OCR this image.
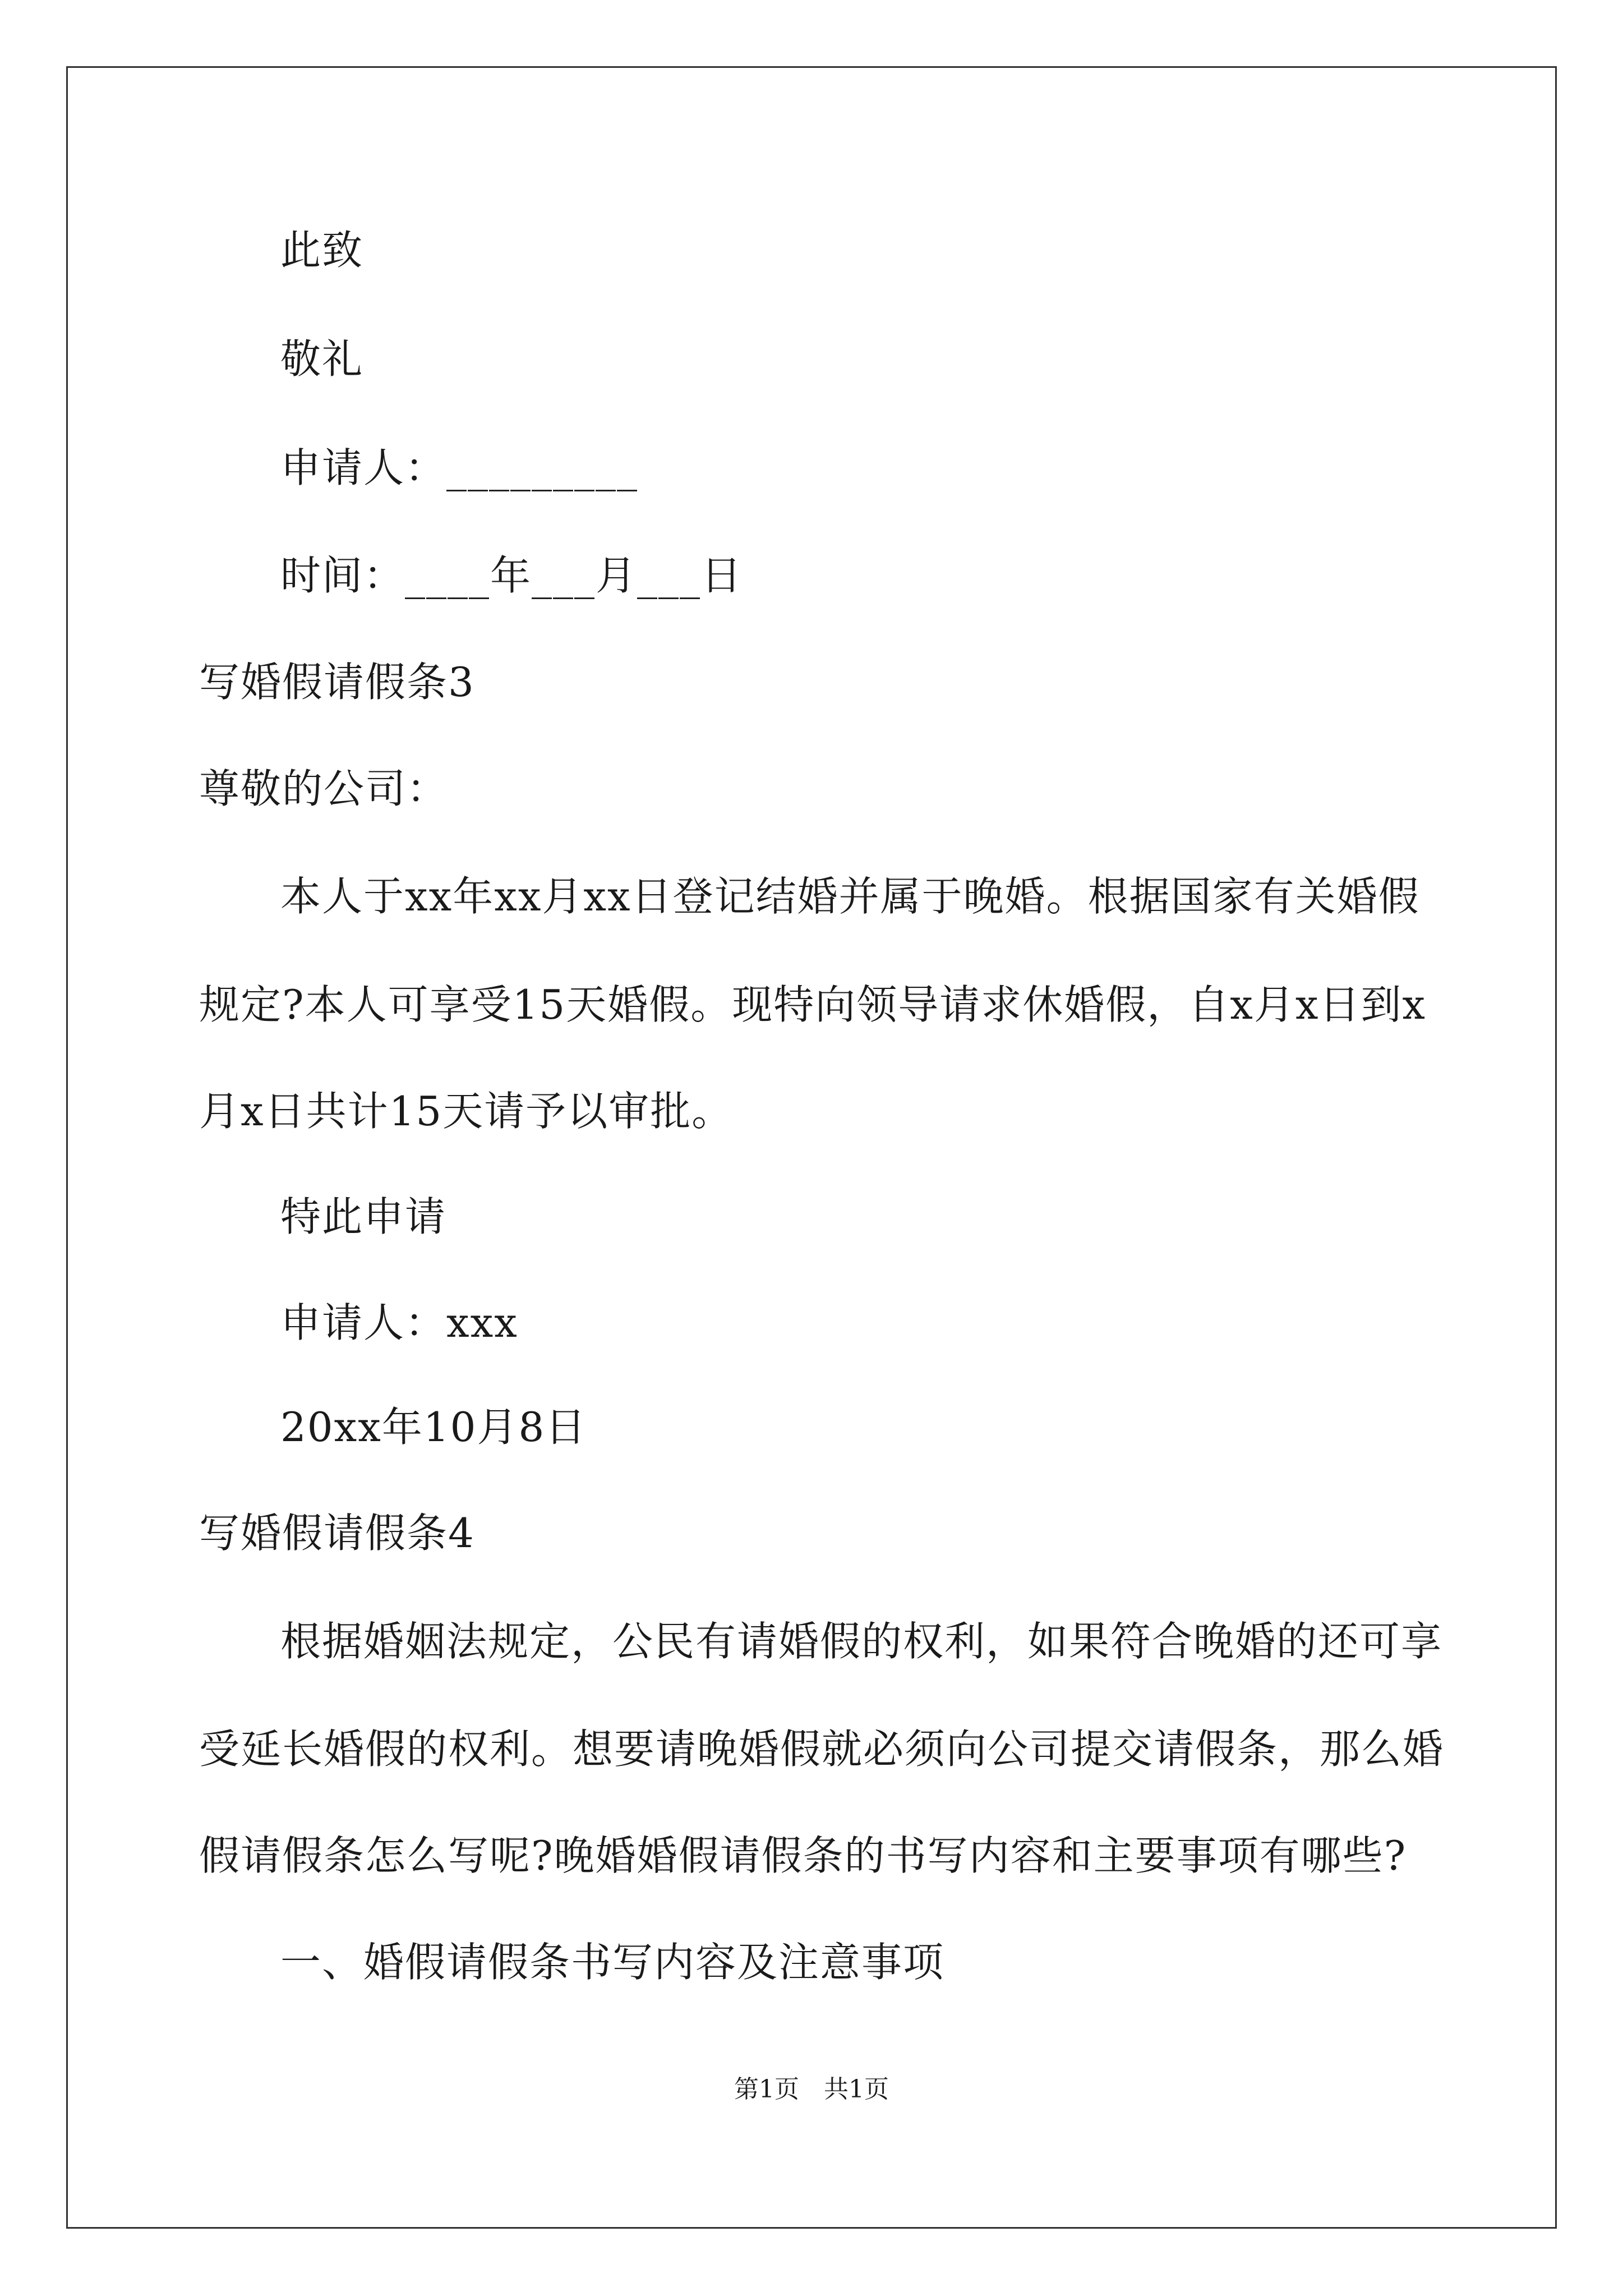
此致
敬礼
申请人：_________
时间：____年___月___日
写婚假请假条3
尊敬的公司：
本人于xx年xx月xx日登记结婚并属于晚婚。根据国家有关婚假
规定?本人可享受15天婚假。现特向领导请求休婚假，自x月x日到x
月x日共计15天请予以审批。
特此申请
申请人：xxx
20xx年10月8日
写婚假请假条4
根据婚姻法规定，公民有请婚假的权利，如果符合晚婚的还可享
受延长婚假的权利。想要请晚婚假就必须向公司提交请假条，那么婚
假请假条怎么写呢?晚婚婚假请假条的书写内容和主要事项有哪些?
一、婚假请假条书写内容及注意事项
第1页　共1页
